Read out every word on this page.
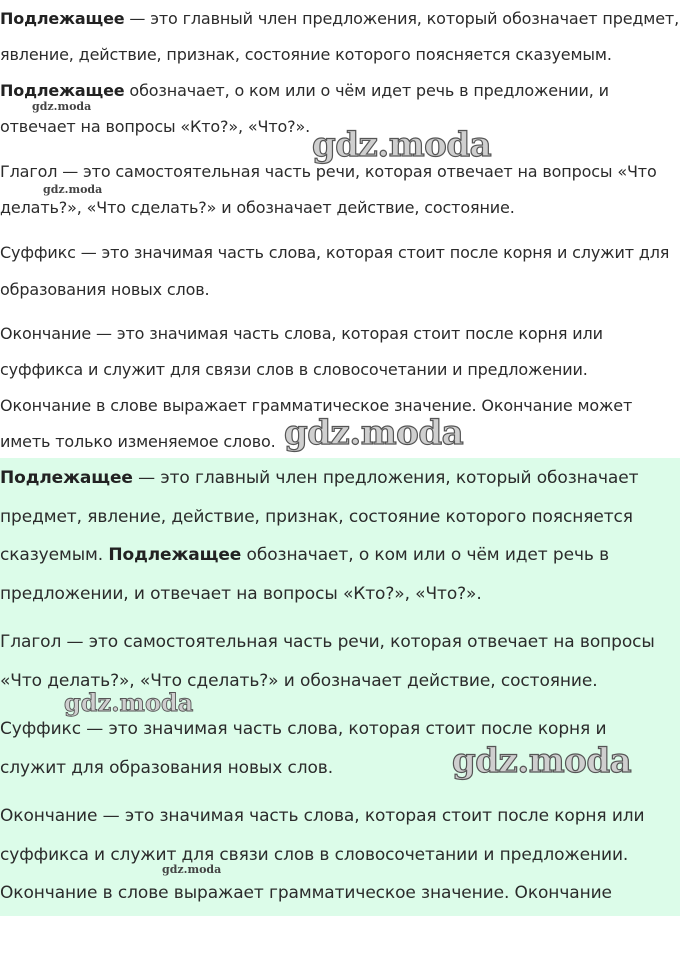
Подлежащее — это главный член предложения, который обозначает предмет,
явление, действие, признак, состояние которого поясняется сказуемым.
Подлежащее обозначает, о ком или о чём идет речь в предложении, и
отвечает на вопросы «Кто?», «Что?».
Глагол — это самостоятельная часть речи, которая отвечает на вопросы «Что
делать?», «Что сделать?» и обозначает действие, состояние.
Суффикс — это значимая часть слова, которая стоит после корня и служит для
образования новых слов.
Окончание — это значимая часть слова, которая стоит после корня или
суффикса и служит для связи слов в словосочетании и предложении.
Окончание в слове выражает грамматическое значение. Окончание может
иметь только изменяемое слово.
Подлежащее — это главный член предложения, который обозначает
предмет, явление, действие, признак, состояние которого поясняется
сказуемым. Подлежащее обозначает, о ком или о чём идет речь в
предложении, и отвечает на вопросы «Кто?», «Что?».
Глагол — это самостоятельная часть речи, которая отвечает на вопросы
«Что делать?», «Что сделать?» и обозначает действие, состояние.
Суффикс — это значимая часть слова, которая стоит после корня и
служит для образования новых слов.
Окончание — это значимая часть слова, которая стоит после корня или
суффикса и служит для связи слов в словосочетании и предложении.
Окончание в слове выражает грамматическое значение. Окончание
gdz.moda
gdz.moda
gdz.moda
gdz.moda
gdz.moda
gdz.moda
gdz.moda
